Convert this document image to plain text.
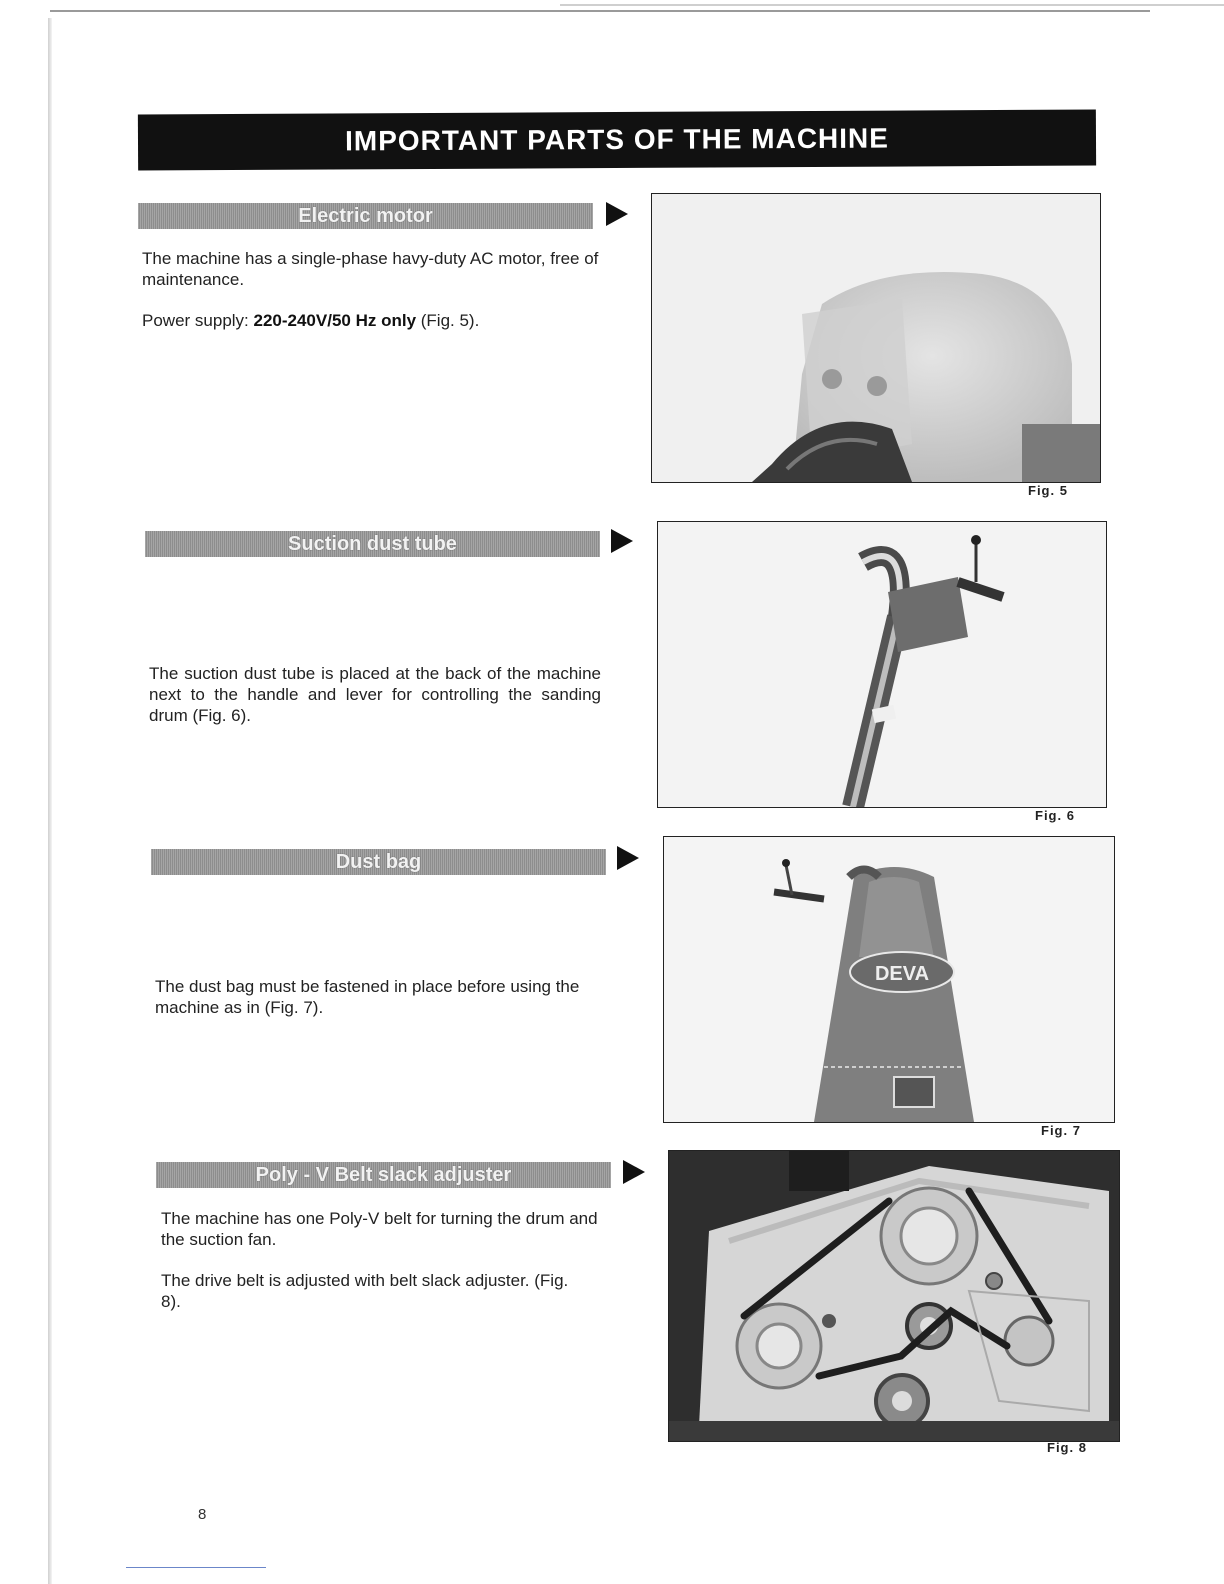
IMPORTANT PARTS OF THE MACHINE
Electric motor
The machine has a single-phase havy-duty AC motor, free of maintenance.
Power supply: 220-240V/50 Hz only (Fig. 5).
Fig. 5
Suction dust tube
The suction dust tube is placed at the back of the machine next to the handle and lever for controlling the sanding drum (Fig. 6).
Fig. 6
Dust bag
The dust bag must be fastened in place before using the machine as in (Fig. 7).
DEVA
Fig. 7
Poly - V Belt slack adjuster
The machine has one Poly-V belt for turning the drum and the suction fan.
The drive belt is adjusted with belt slack adjuster. (Fig. 8).
Fig. 8
8
